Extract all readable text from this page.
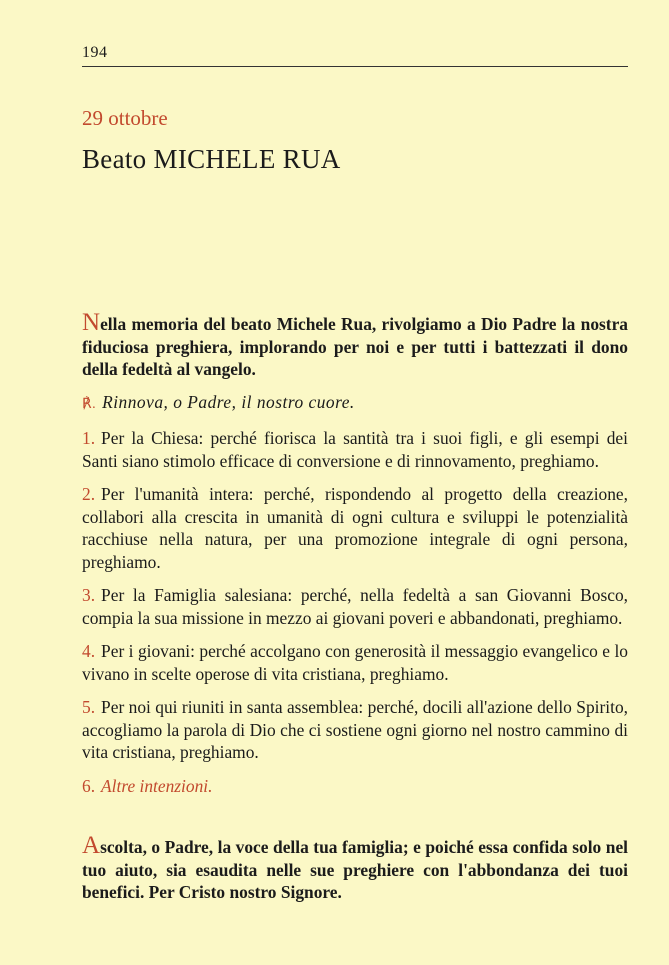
194
29 ottobre
Beato MICHELE RUA

Nella memoria del beato Michele Rua, rivolgiamo a Dio Padre la nostra fiduciosa preghiera, implorando per noi e per tutti i battezzati il dono della fedeltà al vangelo.

℟. Rinnova, o Padre, il nostro cuore.
1. Per la Chiesa: perché fiorisca la santità tra i suoi figli, e gli esempi dei Santi siano stimolo efficace di conversione e di rinnovamento, preghiamo.
2. Per l'umanità intera: perché, rispondendo al progetto della creazione, collabori alla crescita in umanità di ogni cultura e sviluppi le potenzialità racchiuse nella natura, per una promozione integrale di ogni persona, preghiamo.
3. Per la Famiglia salesiana: perché, nella fedeltà a san Giovanni Bosco, compia la sua missione in mezzo ai giovani poveri e abbandonati, preghiamo.
4. Per i giovani: perché accolgano con generosità il messaggio evangelico e lo vivano in scelte operose di vita cristiana, preghiamo.
5. Per noi qui riuniti in santa assemblea: perché, docili all'azione dello Spirito, accogliamo la parola di Dio che ci sostiene ogni giorno nel nostro cammino di vita cristiana, preghiamo.
6. Altre intenzioni.

Ascolta, o Padre, la voce della tua famiglia; e poiché essa confida solo nel tuo aiuto, sia esaudita nelle sue preghiere con l'abbondanza dei tuoi benefici. Per Cristo nostro Signore.
